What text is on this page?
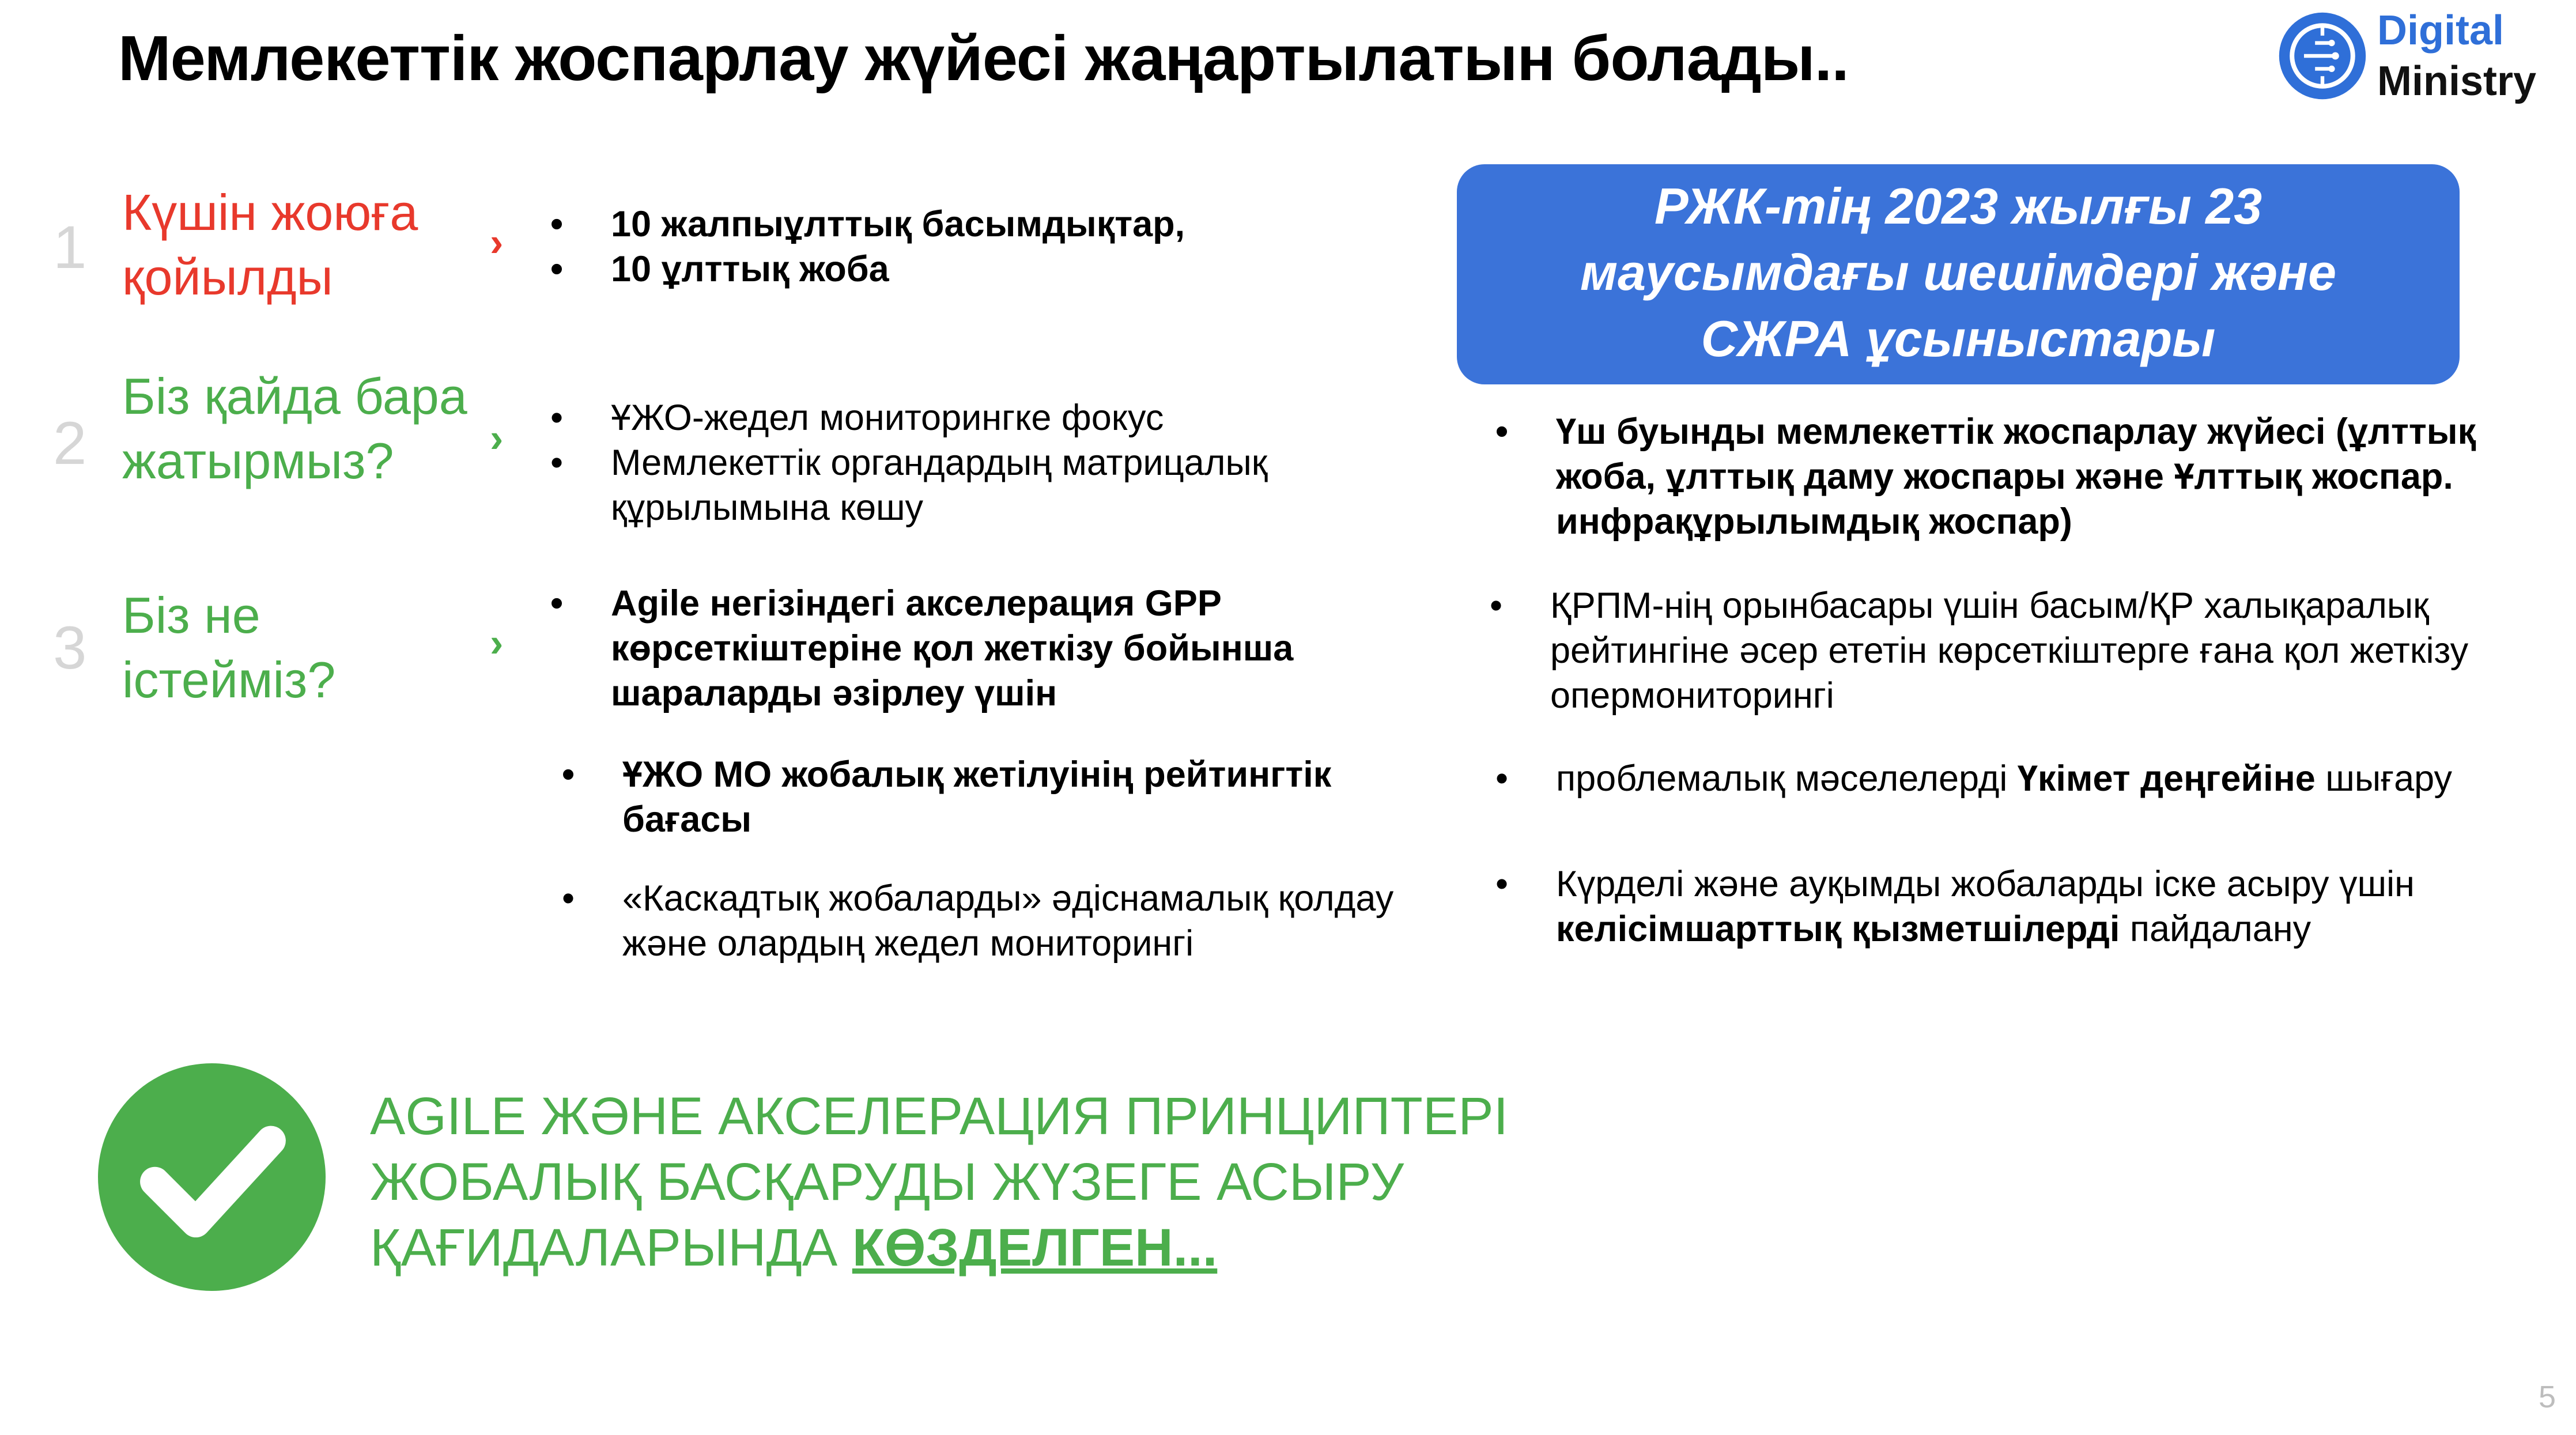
Мемлекеттік жоспарлау жүйесі жаңартылатын болады..	Digital
Ministry
1
Күшін жоюға қойылды
›
2
Біз қайда бара жатырмыз?	›
3 Біз не істейміз?
›
• 10 жалпыұлттық басымдықтар,
• 10 ұлттық жоба
• ҰЖО-жедел мониторингке фокус
• Мемлекеттік органдардың матрицалық құрылымына көшу
• Agile негізіндегі акселерация GPP көрсеткіштеріне қол жеткізу бойынша шараларды әзірлеу үшін
• ҰЖО МО жобалық жетілуінің рейтингтік бағасы
• «Каскадтық жобаларды» әдіснамалық қолдау және олардың жедел мониторингі
РЖК-тің 2023 жылғы 23
маусымдағы шешімдері және
СЖРА ұсыныстары
• Үш буынды мемлекеттік жоспарлау жүйесі (ұлттық жоба, ұлттық даму жоспары және Ұлттық жоспар. инфрақұрылымдық жоспар)
• ҚРПМ-нің орынбасары үшін басым/ҚР халықаралық рейтингіне әсер ететін көрсеткіштерге ғана қол жеткізу опермониторингі
• проблемалық мәселелерді Үкімет деңгейіне шығару
• Күрделі және ауқымды жобаларды іске асыру үшін келісімшарттық қызметшілерді пайдалану
AGILE ЖӘНЕ АКСЕЛЕРАЦИЯ ПРИНЦИПТЕРІ ЖОБАЛЫҚ БАСҚАРУДЫ ЖҮЗЕГЕ АСЫРУ ҚАҒИДАЛАРЫНДА КӨЗДЕЛГЕН...
5
